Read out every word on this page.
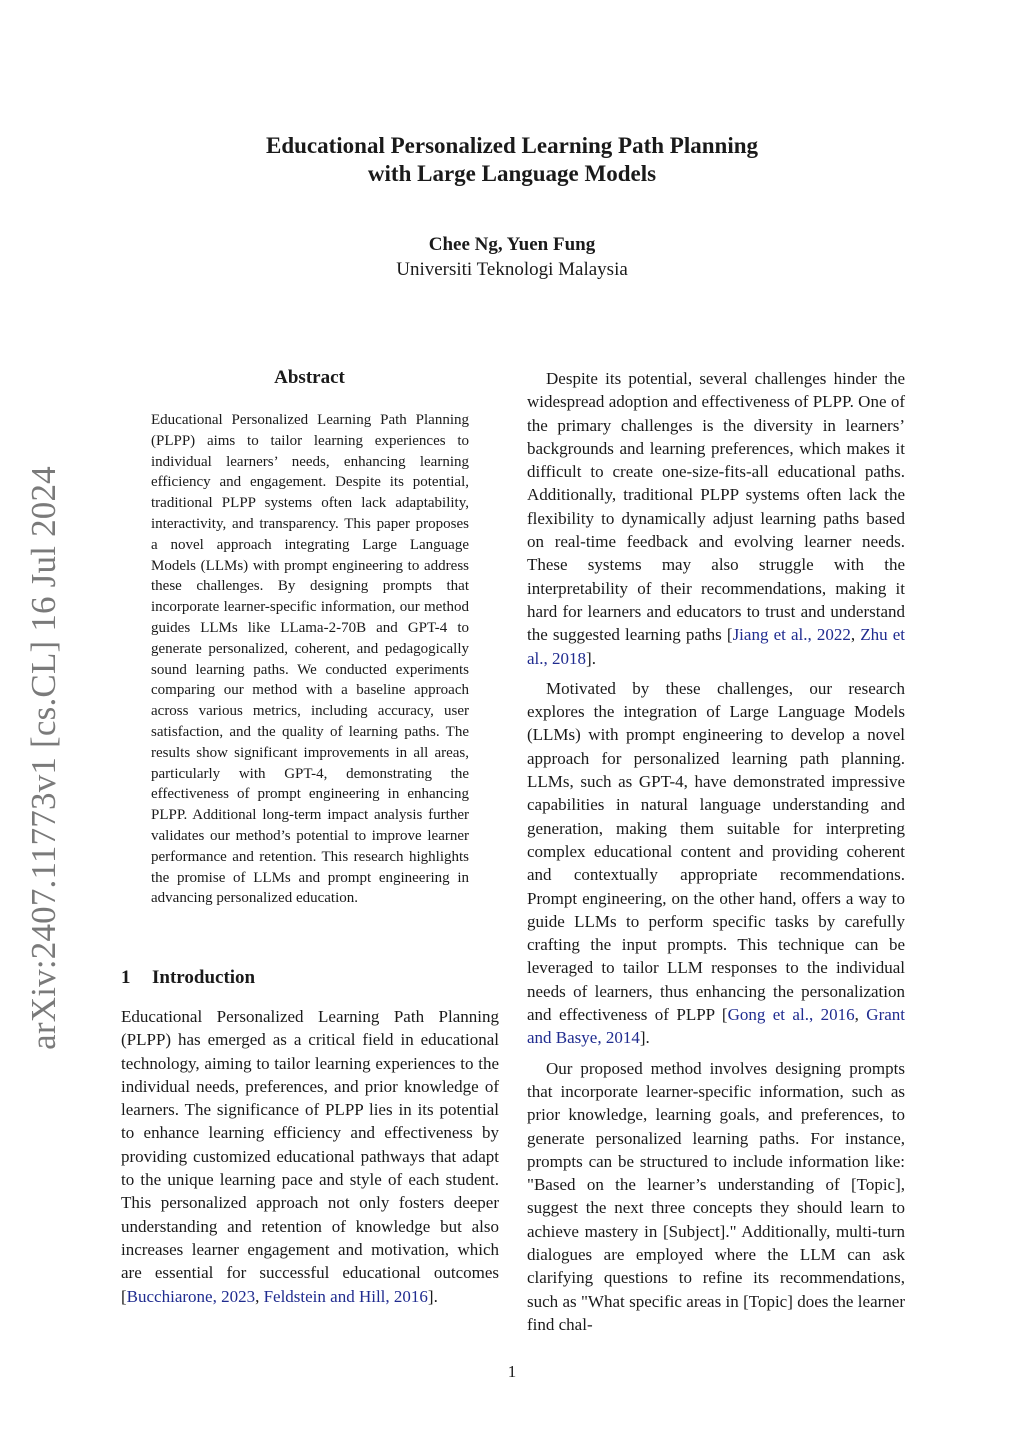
arXiv:2407.11773v1 [cs.CL] 16 Jul 2024
Educational Personalized Learning Path Planning
with Large Language Models
Chee Ng, Yuen Fung
Universiti Teknologi Malaysia
Abstract
Educational Personalized Learning Path Planning (PLPP) aims to tailor learning experiences to individual learners’ needs, enhancing learning efficiency and engagement. Despite its potential, traditional PLPP systems often lack adaptability, interactivity, and transparency. This paper proposes a novel approach integrating Large Language Models (LLMs) with prompt engineering to address these challenges. By designing prompts that incorporate learner-specific information, our method guides LLMs like LLama-2-70B and GPT-4 to generate personalized, coherent, and pedagogically sound learning paths. We conducted experiments comparing our method with a baseline approach across various metrics, including accuracy, user satisfaction, and the quality of learning paths. The results show significant improvements in all areas, particularly with GPT-4, demonstrating the effectiveness of prompt engineering in enhancing PLPP. Additional long-term impact analysis further validates our method’s potential to improve learner performance and retention. This research highlights the promise of LLMs and prompt engineering in advancing personalized education.
1 Introduction

Educational Personalized Learning Path Planning (PLPP) has emerged as a critical field in educational technology, aiming to tailor learning experiences to the individual needs, preferences, and prior knowledge of learners. The significance of PLPP lies in its potential to enhance learning efficiency and effectiveness by providing customized educational pathways that adapt to the unique learning pace and style of each student. This personalized approach not only fosters deeper understanding and retention of knowledge but also increases learner engagement and motivation, which are essential for successful educational outcomes [Bucchiarone, 2023, Feldstein and Hill, 2016].

Despite its potential, several challenges hinder the widespread adoption and effectiveness of PLPP. One of the primary challenges is the diversity in learners’ backgrounds and learning preferences, which makes it difficult to create one-size-fits-all educational paths. Additionally, traditional PLPP systems often lack the flexibility to dynamically adjust learning paths based on real-time feedback and evolving learner needs. These systems may also struggle with the interpretability of their recommendations, making it hard for learners and educators to trust and understand the suggested learning paths [Jiang et al., 2022, Zhu et al., 2018].

Motivated by these challenges, our research explores the integration of Large Language Models (LLMs) with prompt engineering to develop a novel approach for personalized learning path planning. LLMs, such as GPT-4, have demonstrated impressive capabilities in natural language understanding and generation, making them suitable for interpreting complex educational content and providing coherent and contextually appropriate recommendations. Prompt engineering, on the other hand, offers a way to guide LLMs to perform specific tasks by carefully crafting the input prompts. This technique can be leveraged to tailor LLM responses to the individual needs of learners, thus enhancing the personalization and effectiveness of PLPP [Gong et al., 2016, Grant and Basye, 2014].

Our proposed method involves designing prompts that incorporate learner-specific information, such as prior knowledge, learning goals, and preferences, to generate personalized learning paths. For instance, prompts can be structured to include information like: "Based on the learner’s understanding of [Topic], suggest the next three concepts they should learn to achieve mastery in [Subject]." Additionally, multi-turn dialogues are employed where the LLM can ask clarifying questions to refine its recommendations, such as "What specific areas in [Topic] does the learner find chal-

1
